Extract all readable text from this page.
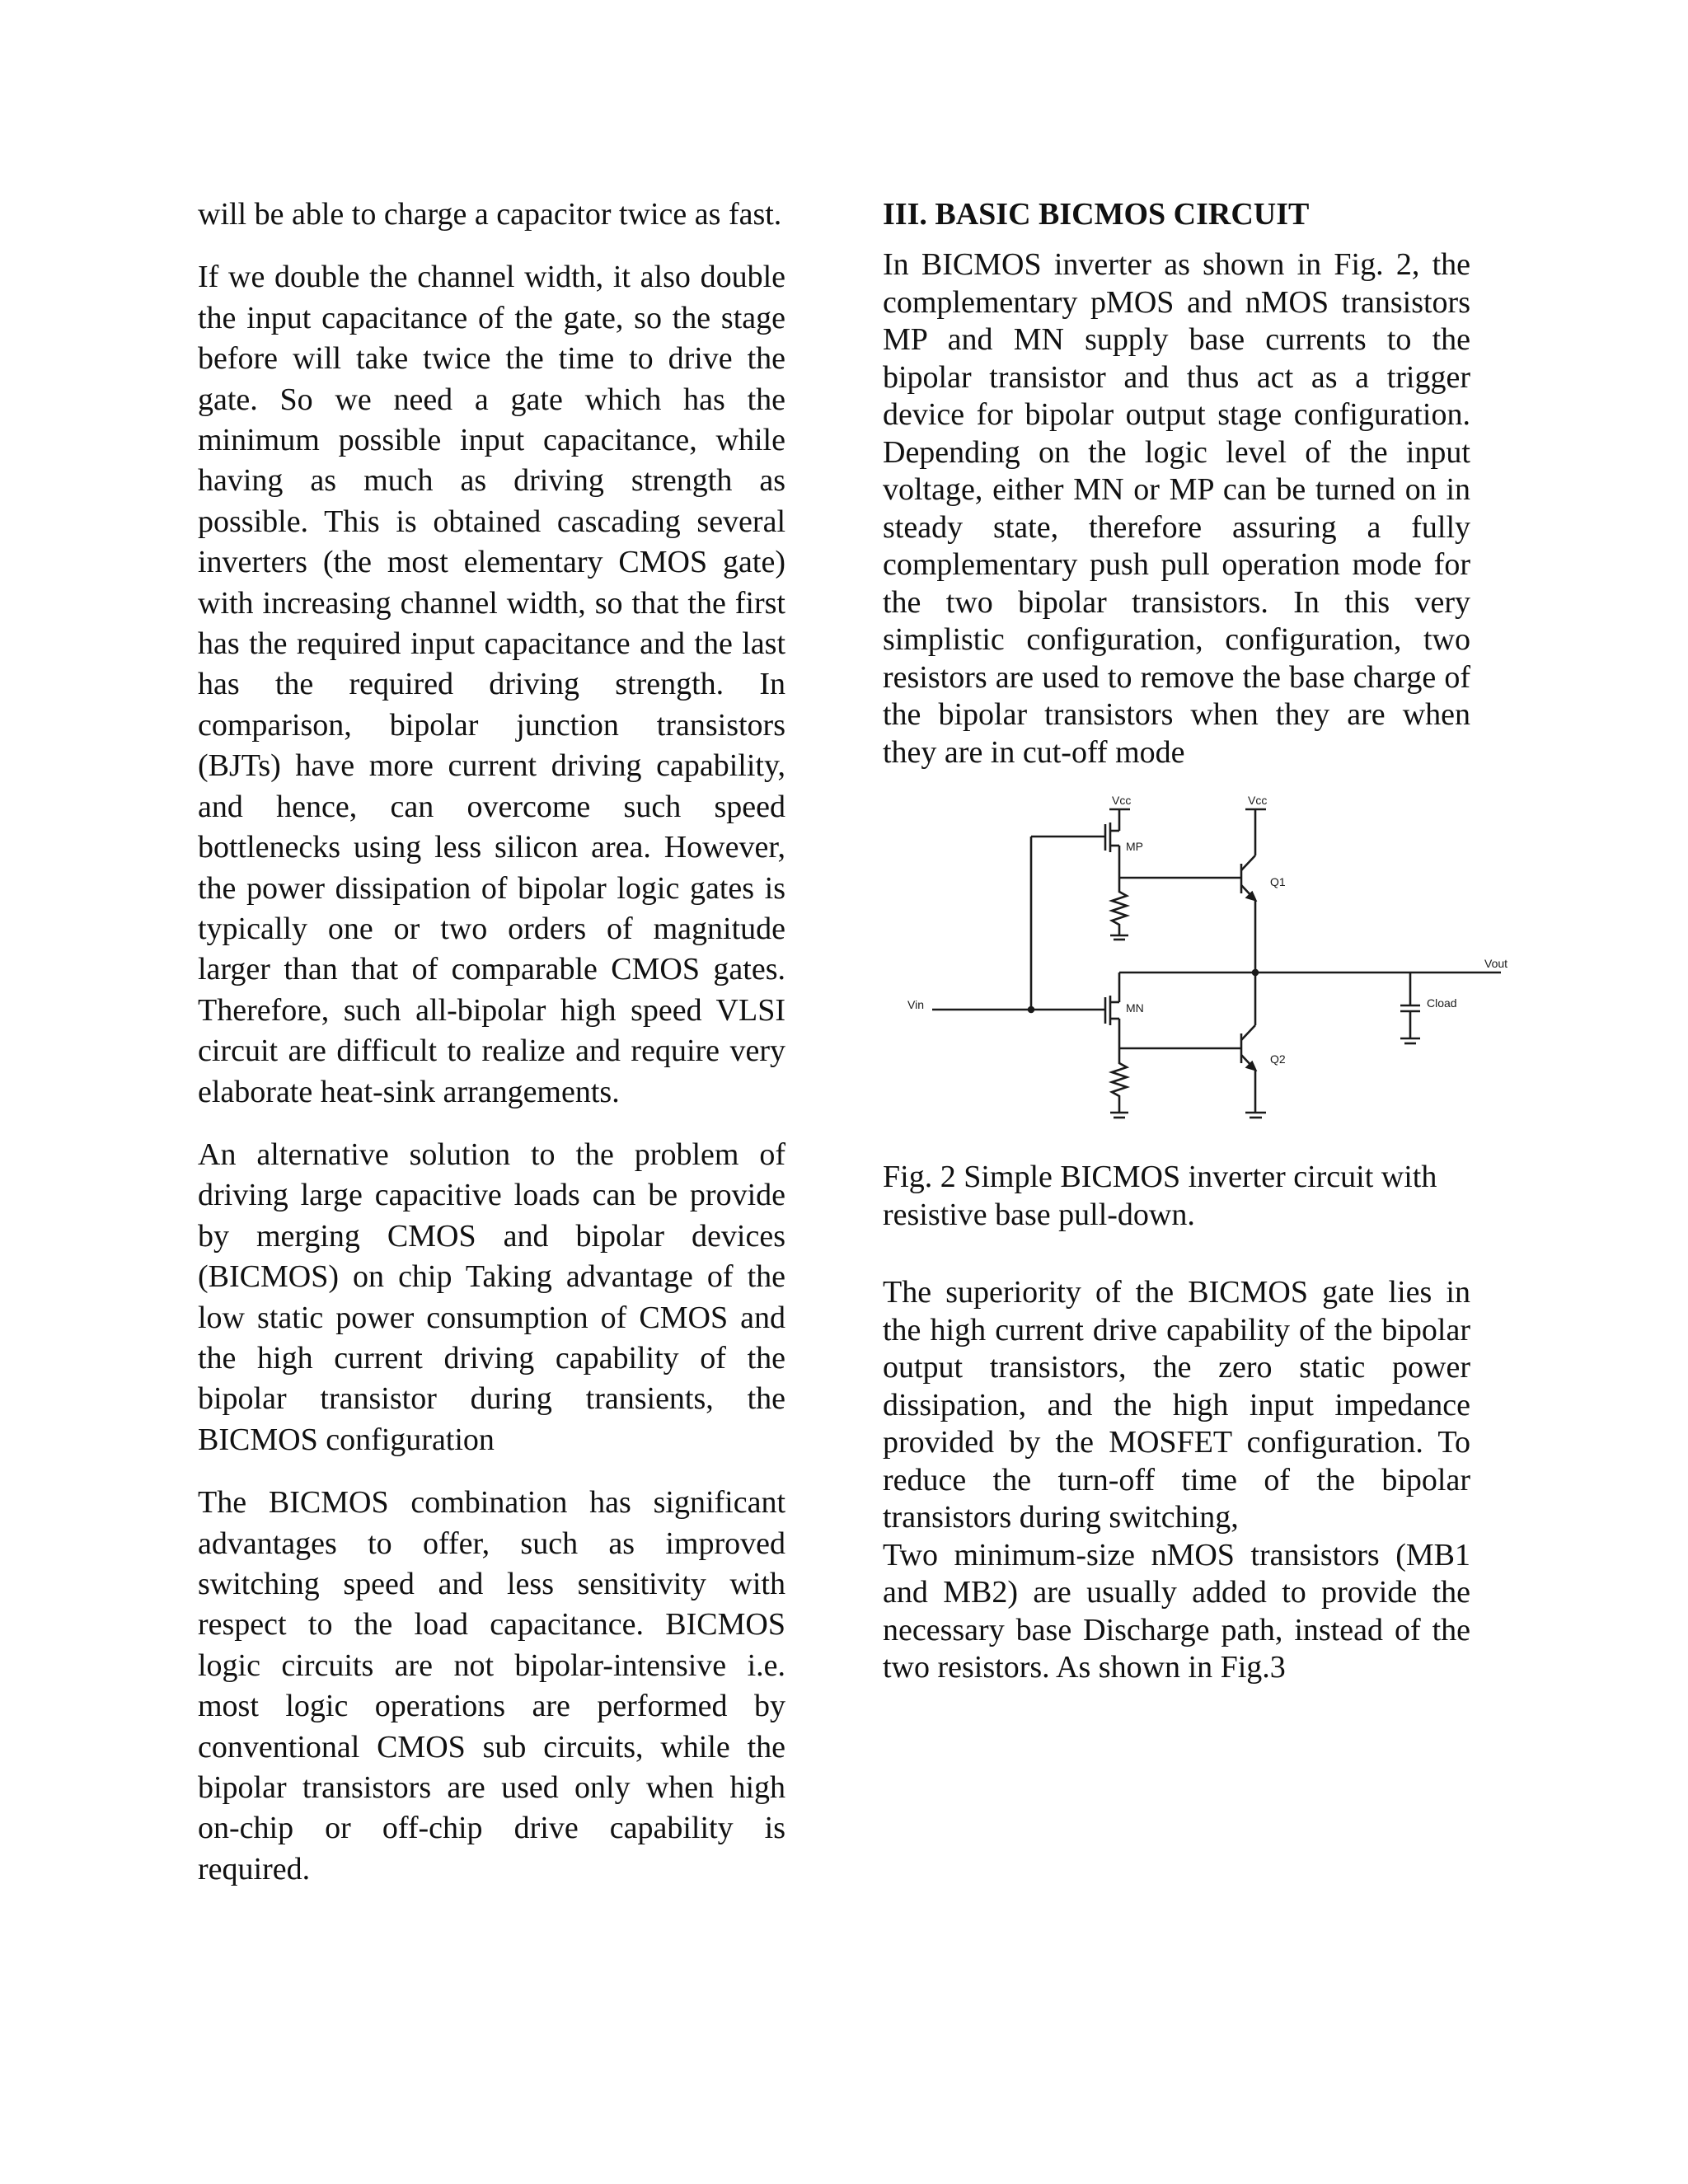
will be able to charge a capacitor twice as fast.

If we double the channel width, it also double the input capacitance of the gate, so the stage before will take twice the time to drive the gate. So we need a gate which has the minimum possible input capacitance, while having as much as driving strength as possible. This is obtained cascading several inverters (the most elementary CMOS gate) with increasing channel width, so that the first has the required input capacitance and the last has the required driving strength. In comparison, bipolar junction transistors (BJTs) have more current driving capability, and hence, can overcome such speed bottlenecks using less silicon area. However, the power dissipation of bipolar logic gates is typically one or two orders of magnitude larger than that of comparable CMOS gates. Therefore, such all-bipolar high speed VLSI circuit are difficult to realize and require very elaborate heat-sink arrangements.

An alternative solution to the problem of driving large capacitive loads can be provide by merging CMOS and bipolar devices (BICMOS) on chip Taking advantage of the low static power consumption of CMOS and the high current driving capability of the bipolar transistor during transients, the BICMOS configuration

The BICMOS combination has significant advantages to offer, such as improved switching speed and less sensitivity with respect to the load capacitance. BICMOS logic circuits are not bipolar-intensive i.e. most logic operations are performed by conventional CMOS sub circuits, while the bipolar transistors are used only when high on-chip or off-chip drive capability is required.

III. BASIC BICMOS CIRCUIT

In BICMOS inverter as shown in Fig. 2, the complementary pMOS and nMOS transistors MP and MN supply base currents to the bipolar transistor and thus act as a trigger device for bipolar output stage configuration. Depending on the logic level of the input voltage, either MN or MP can be turned on in steady state, therefore assuring a fully complementary push pull operation mode for the two bipolar transistors. In this very simplistic configuration, configuration, two resistors are used to remove the base charge of the bipolar transistors when they are when they are in cut-off mode

Vcc	Vcc
MP
Q1
Vin	MN
Q2
Vout
Cload

Fig. 2 Simple BICMOS inverter circuit with resistive base pull-down.

The superiority of the BICMOS gate lies in the high current drive capability of the bipolar output transistors, the zero static power dissipation, and the high input impedance provided by the MOSFET configuration. To reduce the turn-off time of the bipolar transistors during switching,

Two minimum-size nMOS transistors (MB1 and MB2) are usually added to provide the necessary base Discharge path, instead of the two resistors. As shown in Fig.3
